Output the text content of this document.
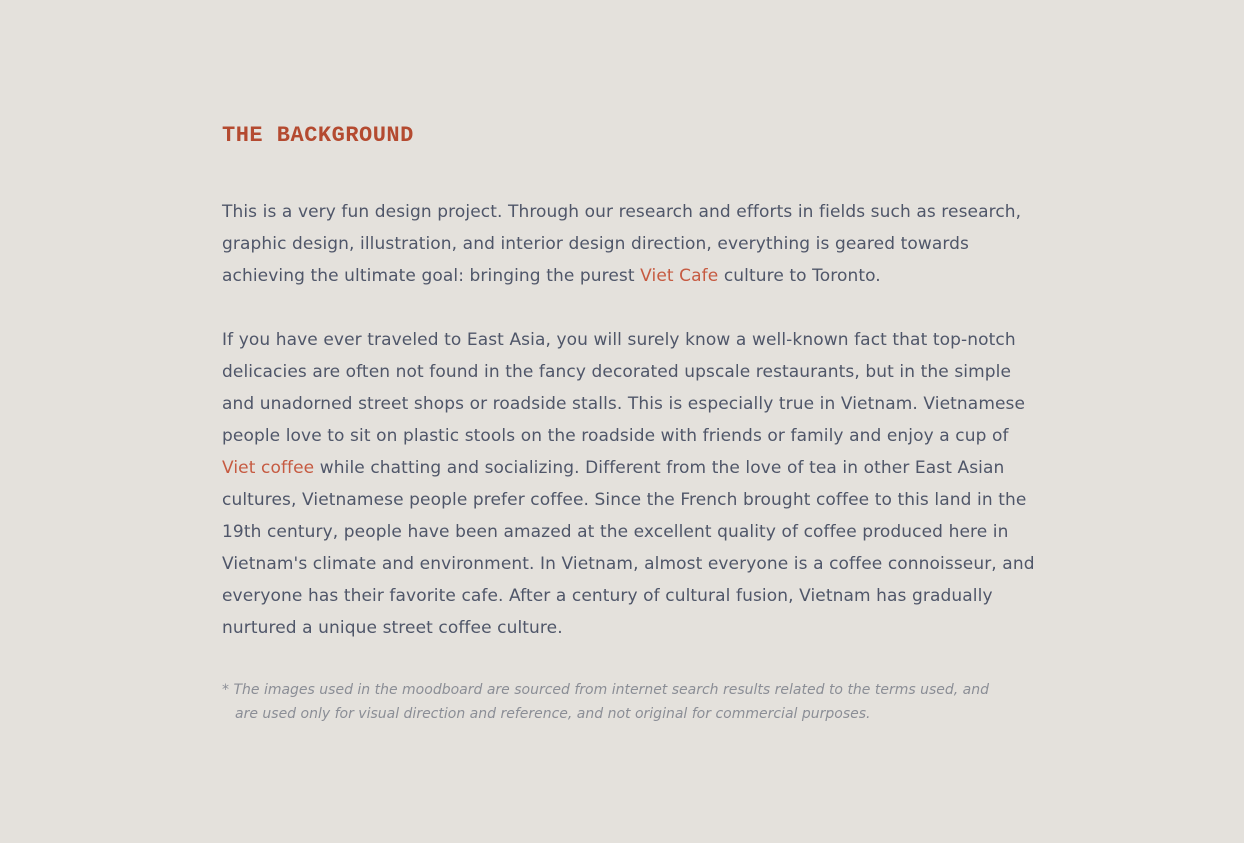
THE BACKGROUND

This is a very fun design project. Through our research and efforts in fields such as research, graphic design, illustration, and interior design direction, everything is geared towards achieving the ultimate goal: bringing the purest Viet Cafe culture to Toronto.

If you have ever traveled to East Asia, you will surely know a well-known fact that top-notch delicacies are often not found in the fancy decorated upscale restaurants, but in the simple and unadorned street shops or roadside stalls. This is especially true in Vietnam. Vietnamese people love to sit on plastic stools on the roadside with friends or family and enjoy a cup of Viet coffee while chatting and socializing. Different from the love of tea in other East Asian cultures, Vietnamese people prefer coffee. Since the French brought coffee to this land in the 19th century, people have been amazed at the excellent quality of coffee produced here in Vietnam's climate and environment. In Vietnam, almost everyone is a coffee connoisseur, and everyone has their favorite cafe. After a century of cultural fusion, Vietnam has gradually nurtured a unique street coffee culture.

* The images used in the moodboard are sourced from internet search results related to the terms used, and
are used only for visual direction and reference, and not original for commercial purposes.
